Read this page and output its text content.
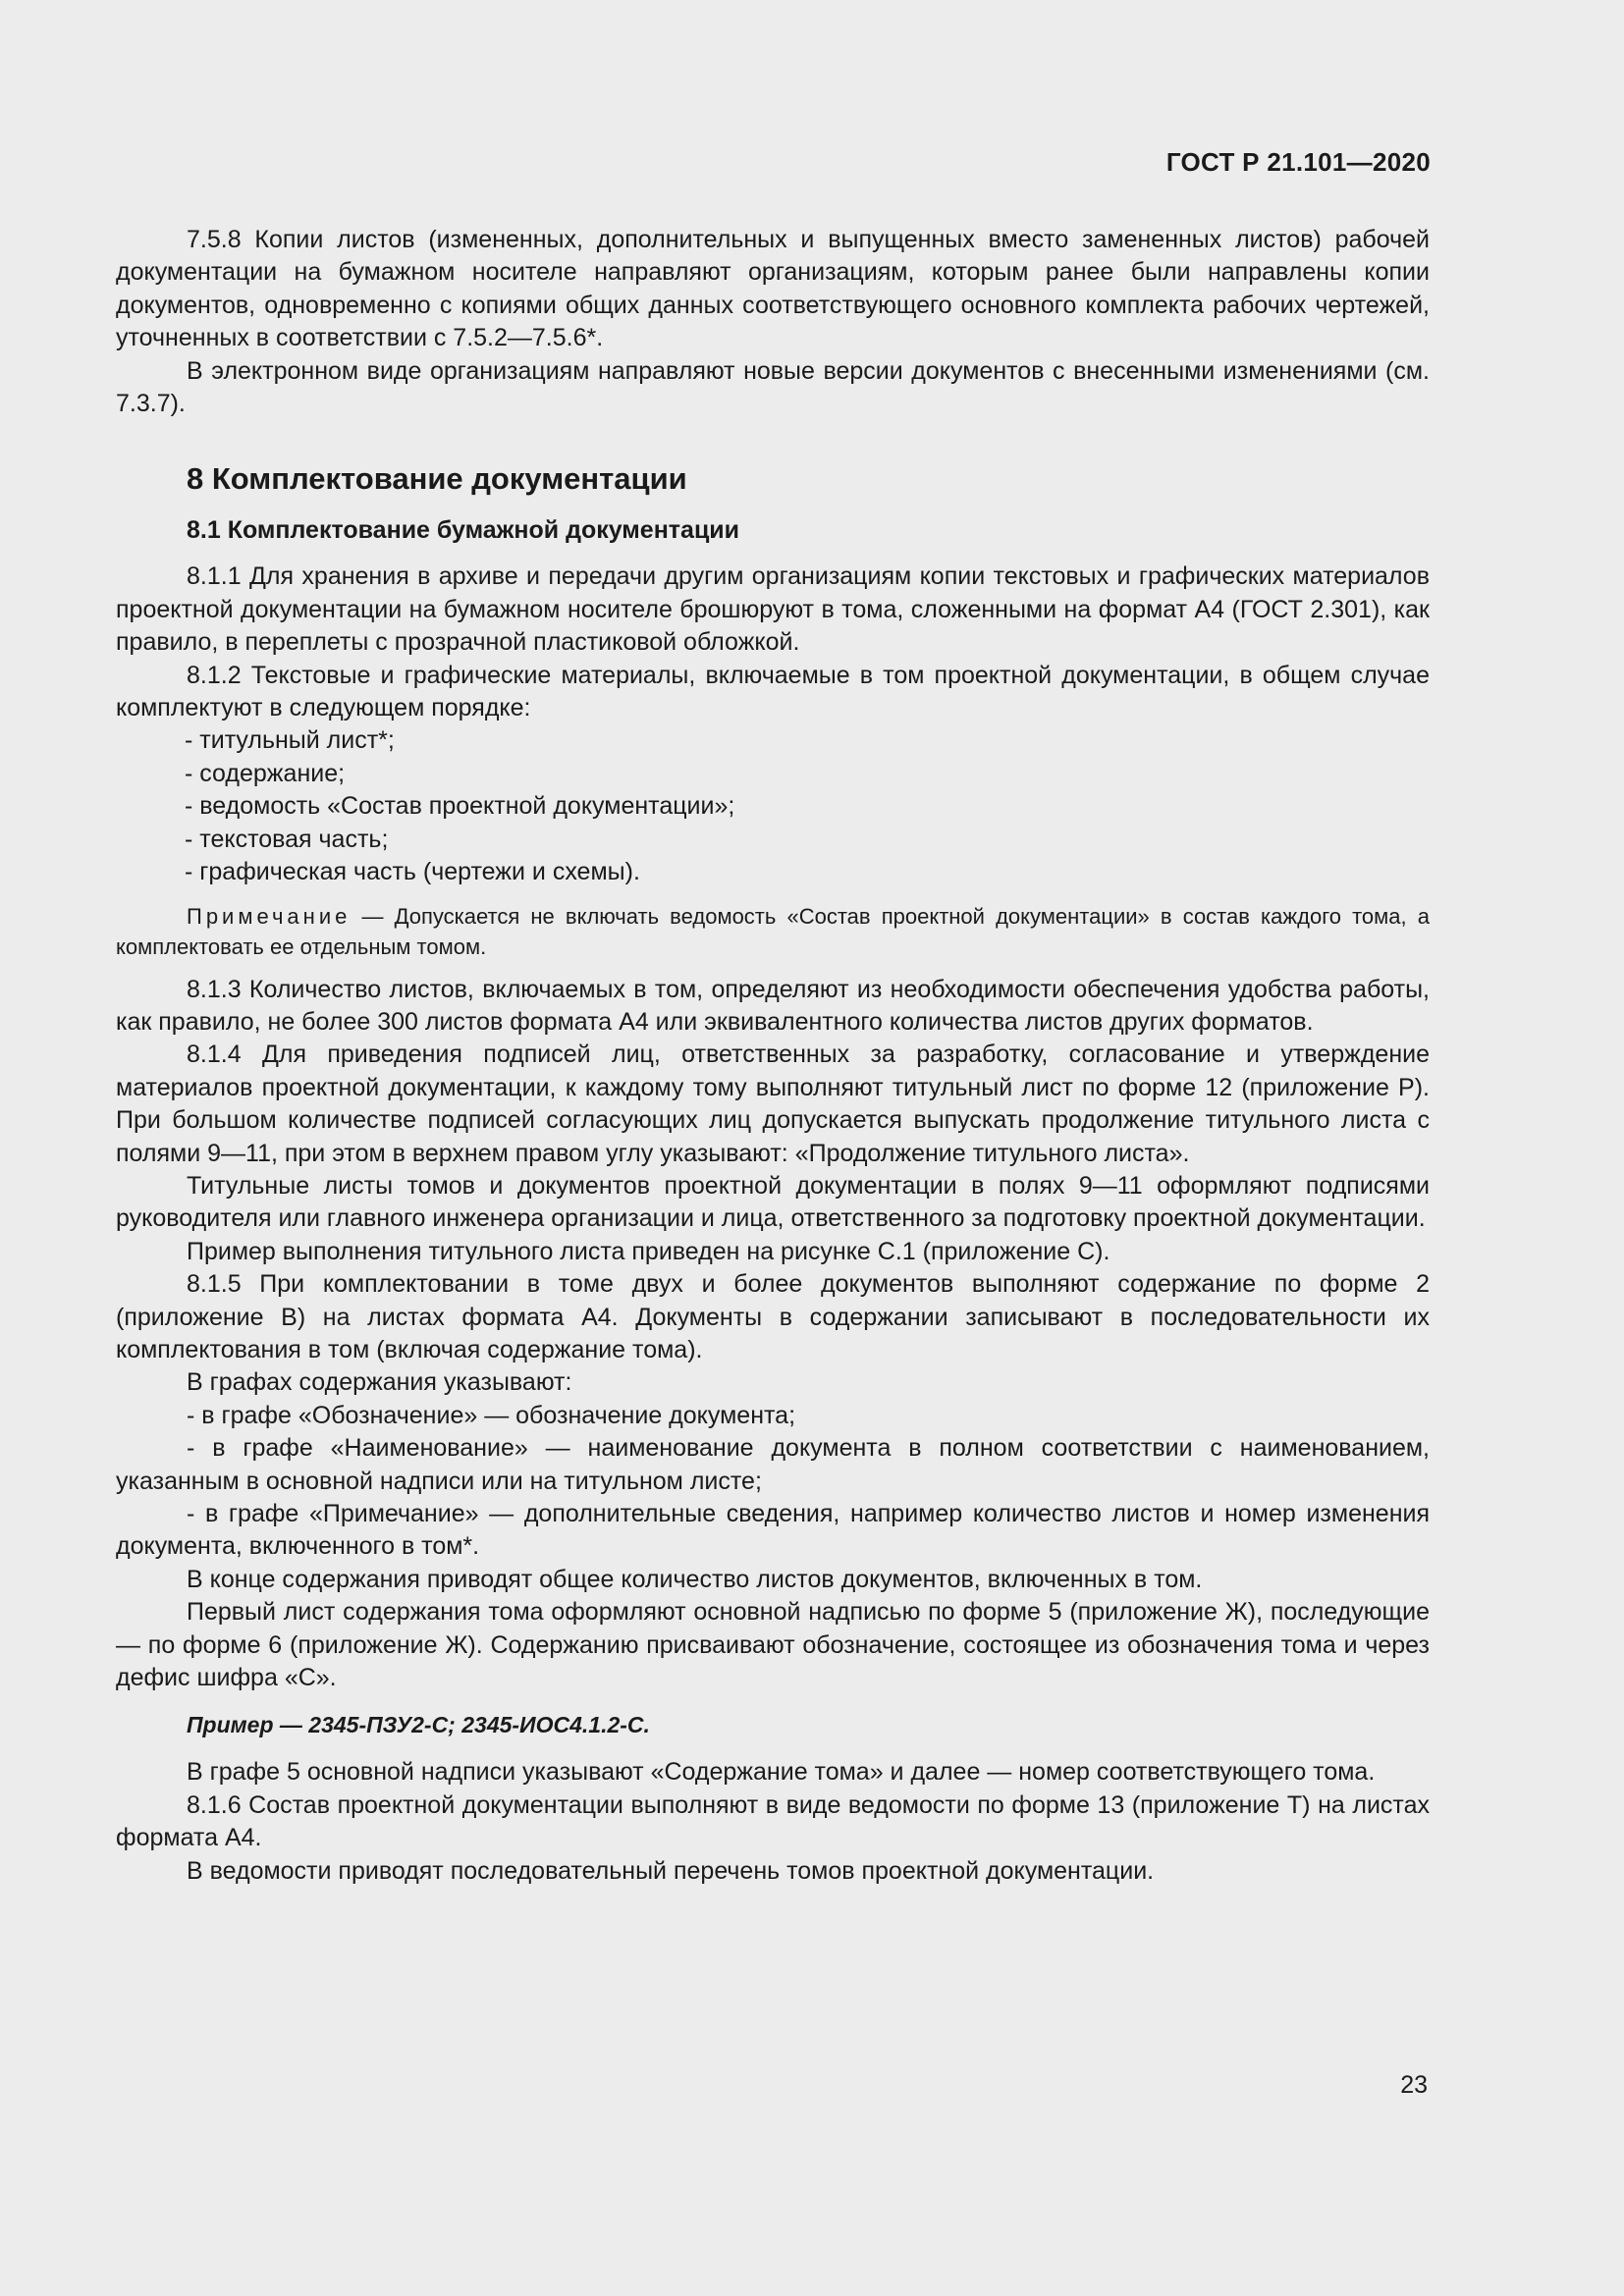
ГОСТ Р 21.101—2020

7.5.8 Копии листов (измененных, дополнительных и выпущенных вместо замененных листов) рабочей документации на бумажном носителе направляют организациям, которым ранее были направлены копии документов, одновременно с копиями общих данных соответствующего основного комплекта рабочих чертежей, уточненных в соответствии с 7.5.2—7.5.6*.

В электронном виде организациям направляют новые версии документов с внесенными изменениями (см. 7.3.7).

8 Комплектование документации
8.1 Комплектование бумажной документации

8.1.1 Для хранения в архиве и передачи другим организациям копии текстовых и графических материалов проектной документации на бумажном носителе брошюруют в тома, сложенными на формат А4 (ГОСТ 2.301), как правило, в переплеты с прозрачной пластиковой обложкой.

8.1.2 Текстовые и графические материалы, включаемые в том проектной документации, в общем случае комплектуют в следующем порядке:

- титульный лист*;
- содержание;
- ведомость «Состав проектной документации»;
- текстовая часть;
- графическая часть (чертежи и схемы).

Примечание — Допускается не включать ведомость «Состав проектной документации» в состав каждого тома, а комплектовать ее отдельным томом.

8.1.3 Количество листов, включаемых в том, определяют из необходимости обеспечения удобства работы, как правило, не более 300 листов формата А4 или эквивалентного количества листов других форматов.

8.1.4 Для приведения подписей лиц, ответственных за разработку, согласование и утверждение материалов проектной документации, к каждому тому выполняют титульный лист по форме 12 (приложение Р). При большом количестве подписей согласующих лиц допускается выпускать продолжение титульного листа с полями 9—11, при этом в верхнем правом углу указывают: «Продолжение титульного листа».

Титульные листы томов и документов проектной документации в полях 9—11 оформляют подписями руководителя или главного инженера организации и лица, ответственного за подготовку проектной документации.

Пример выполнения титульного листа приведен на рисунке С.1 (приложение С).

8.1.5 При комплектовании в томе двух и более документов выполняют содержание по форме 2 (приложение В) на листах формата А4. Документы в содержании записывают в последовательности их комплектования в том (включая содержание тома).

В графах содержания указывают:

- в графе «Обозначение» — обозначение документа;

- в графе «Наименование» — наименование документа в полном соответствии с наименованием, указанным в основной надписи или на титульном листе;

- в графе «Примечание» — дополнительные сведения, например количество листов и номер изменения документа, включенного в том*.

В конце содержания приводят общее количество листов документов, включенных в том.

Первый лист содержания тома оформляют основной надписью по форме 5 (приложение Ж), последующие — по форме 6 (приложение Ж). Содержанию присваивают обозначение, состоящее из обозначения тома и через дефис шифра «С».

Пример — 2345-ПЗУ2-С; 2345-ИОС4.1.2-С.

В графе 5 основной надписи указывают «Содержание тома» и далее — номер соответствующего тома.

8.1.6 Состав проектной документации выполняют в виде ведомости по форме 13 (приложение Т) на листах формата А4.

В ведомости приводят последовательный перечень томов проектной документации.

23
